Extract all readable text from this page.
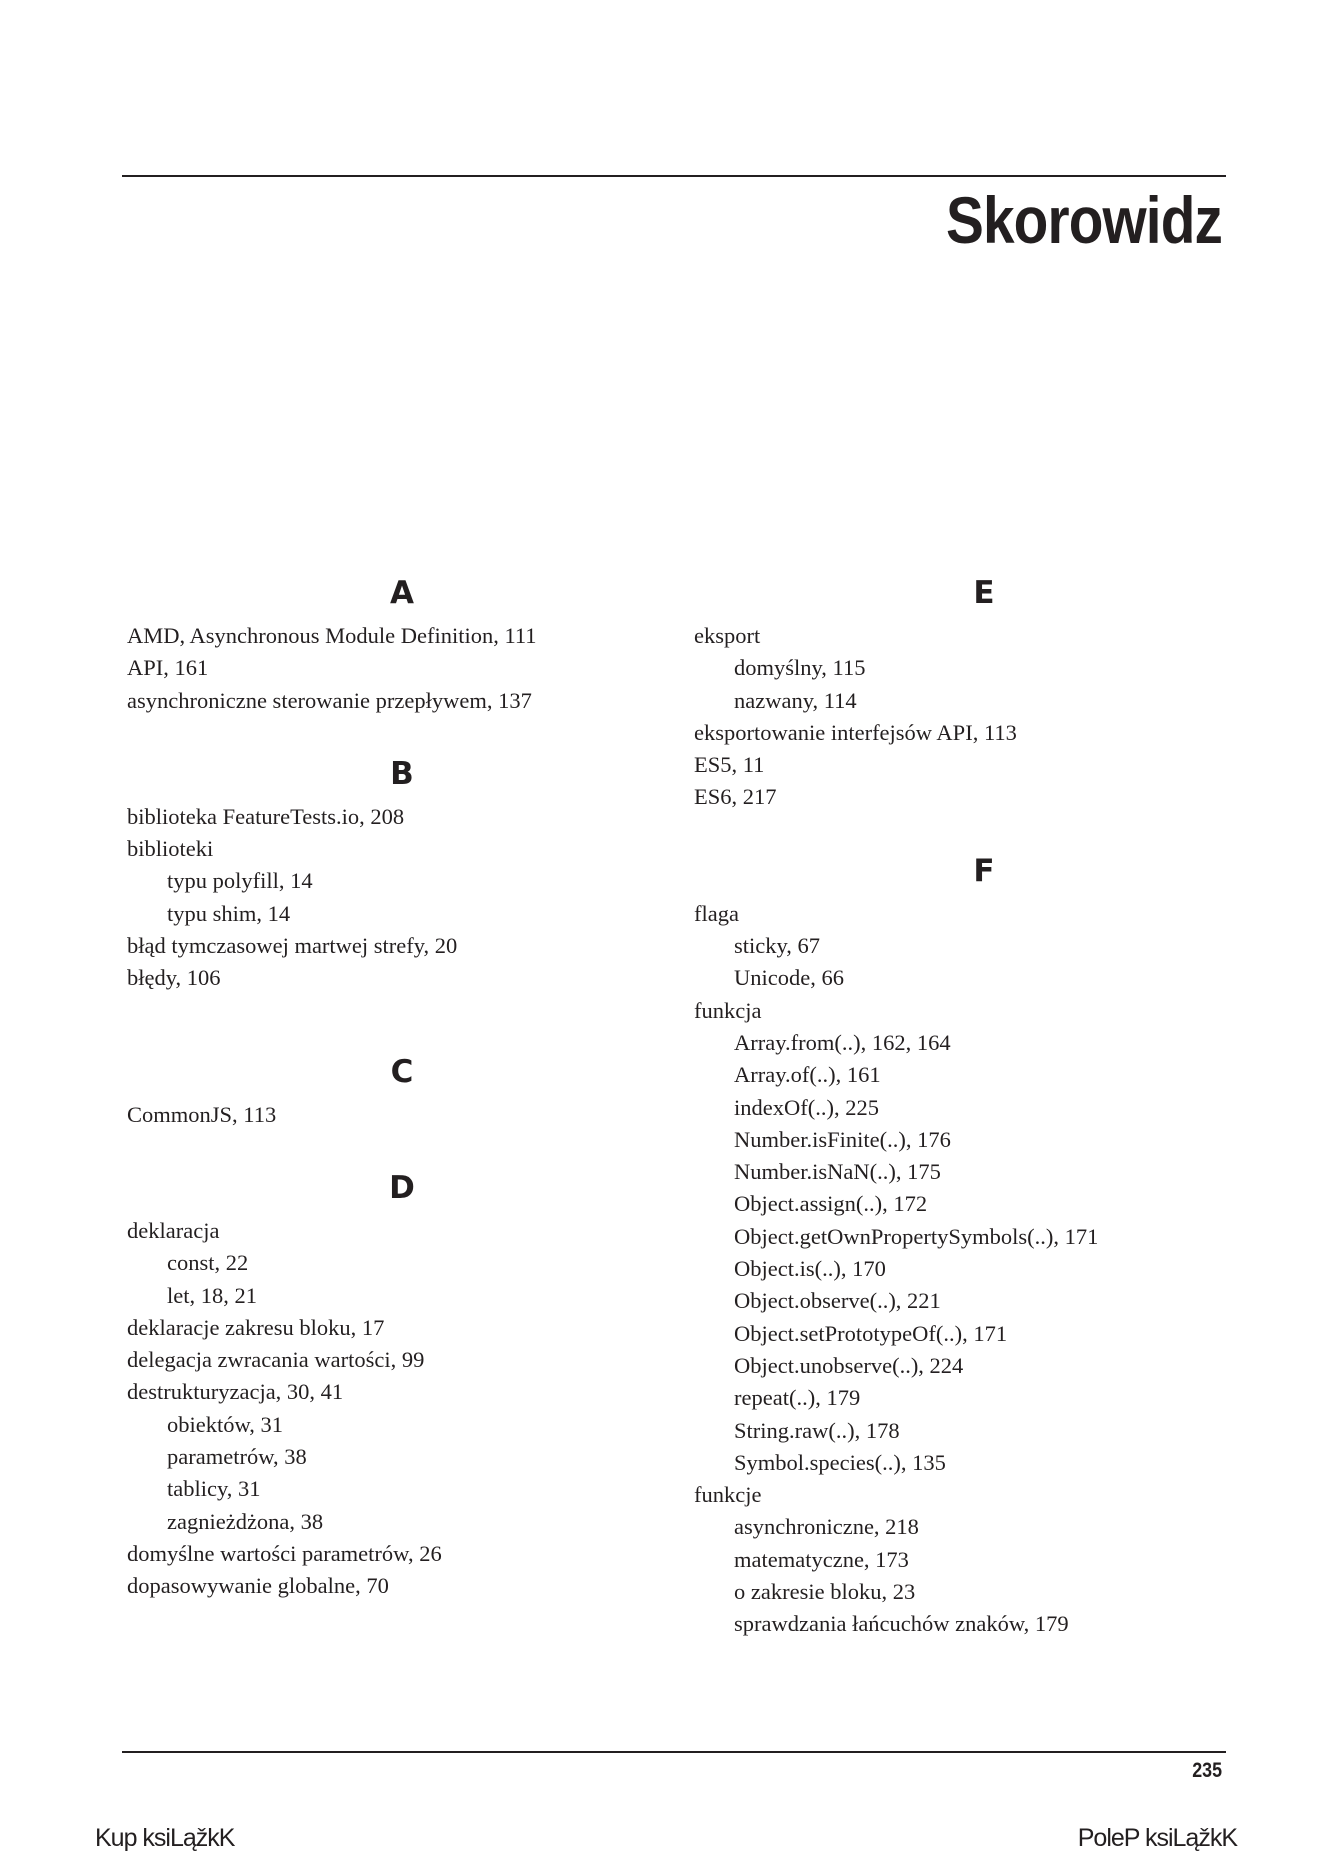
Skorowidz
A
AMD, Asynchronous Module Definition, 111
API, 161
asynchroniczne sterowanie przepływem, 137
B
biblioteka FeatureTests.io, 208
biblioteki
typu polyfill, 14
typu shim, 14
błąd tymczasowej martwej strefy, 20
błędy, 106
C
CommonJS, 113
D
deklaracja
const, 22
let, 18, 21
deklaracje zakresu bloku, 17
delegacja zwracania wartości, 99
destrukturyzacja, 30, 41
obiektów, 31
parametrów, 38
tablicy, 31
zagnieżdżona, 38
domyślne wartości parametrów, 26
dopasowywanie globalne, 70
E
eksport
domyślny, 115
nazwany, 114
eksportowanie interfejsów API, 113
ES5, 11
ES6, 217
F
flaga
sticky, 67
Unicode, 66
funkcja
Array.from(..), 162, 164
Array.of(..), 161
indexOf(..), 225
Number.isFinite(..), 176
Number.isNaN(..), 175
Object.assign(..), 172
Object.getOwnPropertySymbols(..), 171
Object.is(..), 170
Object.observe(..), 221
Object.setPrototypeOf(..), 171
Object.unobserve(..), 224
repeat(..), 179
String.raw(..), 178
Symbol.species(..), 135
funkcje
asynchroniczne, 218
matematyczne, 173
o zakresie bloku, 23
sprawdzania łańcuchów znaków, 179
235
Kup ksiLąžkK	PoleP ksiLąžkK
